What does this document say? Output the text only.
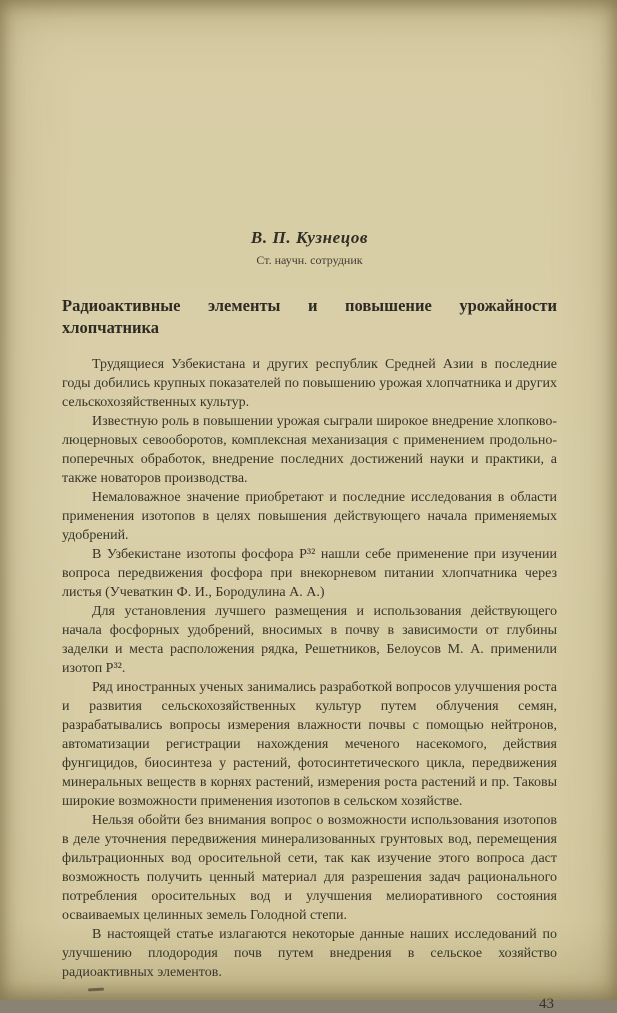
В. П. Кузнецов
Ст. научн. сотрудник
Радиоактивные элементы и повышение урожайности
хлопчатника

Трудящиеся Узбекистана и других республик Средней Азии в последние годы добились крупных показателей по повышению урожая хлопчатника и других сельскохозяйственных культур.

Известную роль в повышении урожая сыграли широкое внедрение хлопково-люцерновых севооборотов, комплексная механизация с применением продольно-поперечных обработок, внедрение последних достижений науки и практики, а также новаторов производства.

Немаловажное значение приобретают и последние исследования в области применения изотопов в целях повышения действующего начала применяемых удобрений.

В Узбекистане изотопы фосфора Р³² нашли себе применение при изучении вопроса передвижения фосфора при внекорневом питании хлопчатника через листья (Учеваткин Ф. И., Бородулина А. А.)

Для установления лучшего размещения и использования действующего начала фосфорных удобрений, вносимых в почву в зависимости от глубины заделки и места расположения рядка, Решетников, Белоусов М. А. применили изотоп Р³².

Ряд иностранных ученых занимались разработкой вопросов улучшения роста и развития сельскохозяйственных культур путем облучения семян, разрабатывались вопросы измерения влажности почвы с помощью нейтронов, автоматизации регистрации нахождения меченого насекомого, действия фунгицидов, биосинтеза у растений, фотосинтетического цикла, передвижения минеральных веществ в корнях растений, измерения роста растений и пр. Таковы широкие возможности применения изотопов в сельском хозяйстве.

Нельзя обойти без внимания вопрос о возможности использования изотопов в деле уточнения передвижения минерализованных грунтовых вод, перемещения фильтрационных вод оросительной сети, так как изучение этого вопроса даст возможность получить ценный материал для разрешения задач рационального потребления оросительных вод и улучшения мелиоративного состояния осваиваемых целинных земель Голодной степи.

В настоящей статье излагаются некоторые данные наших исследований по улучшению плодородия почв путем внедрения в сельское хозяйство радиоактивных элементов.

43
